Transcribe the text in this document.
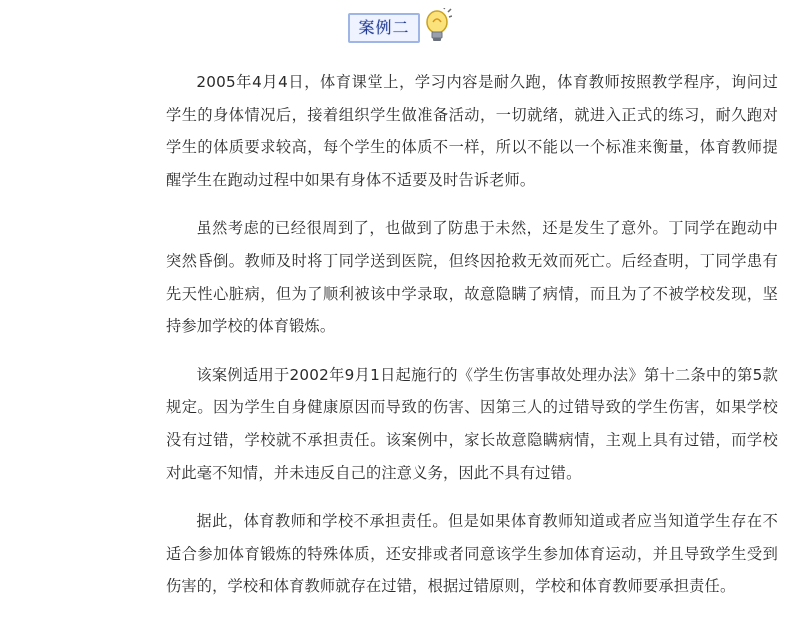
案例二

2005年4月4日，体育课堂上，学习内容是耐久跑，体育教师按照教学程序，询问过学生的身体情况后，接着组织学生做准备活动，一切就绪，就进入正式的练习，耐久跑对学生的体质要求较高，每个学生的体质不一样，所以不能以一个标准来衡量，体育教师提醒学生在跑动过程中如果有身体不适要及时告诉老师。

虽然考虑的已经很周到了，也做到了防患于未然，还是发生了意外。丁同学在跑动中突然昏倒。教师及时将丁同学送到医院，但终因抢救无效而死亡。后经查明，丁同学患有先天性心脏病，但为了顺利被该中学录取，故意隐瞒了病情，而且为了不被学校发现，坚持参加学校的体育锻炼。

该案例适用于2002年9月1日起施行的《学生伤害事故处理办法》第十二条中的第5款规定。因为学生自身健康原因而导致的伤害、因第三人的过错导致的学生伤害，如果学校没有过错，学校就不承担责任。该案例中，家长故意隐瞒病情，主观上具有过错，而学校对此毫不知情，并未违反自己的注意义务，因此不具有过错。

据此，体育教师和学校不承担责任。但是如果体育教师知道或者应当知道学生存在不适合参加体育锻炼的特殊体质，还安排或者同意该学生参加体育运动，并且导致学生受到伤害的，学校和体育教师就存在过错，根据过错原则，学校和体育教师要承担责任。
